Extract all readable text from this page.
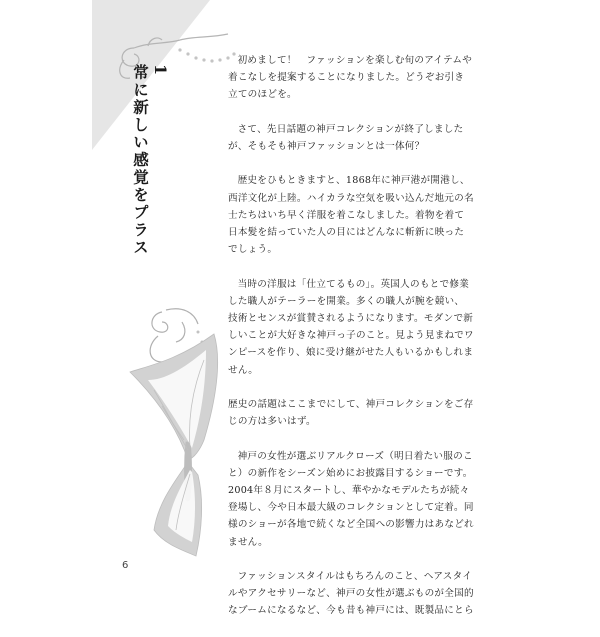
1
常に新しい感覚をプラス

初めまして！　ファッションを楽しむ旬のアイテムや着こなしを提案することになりました。どうぞお引き立てのほどを。

さて、先日話題の神戸コレクションが終了しましたが、そもそも神戸ファッションとは一体何？

歴史をひもときますと、1868年に神戸港が開港し、西洋文化が上陸。ハイカラな空気を吸い込んだ地元の名士たちはいち早く洋服を着こなしました。着物を着て日本髪を結っていた人の目にはどんなに斬新に映ったでしょう。

当時の洋服は「仕立てるもの」。英国人のもとで修業した職人がテーラーを開業。多くの職人が腕を競い、技術とセンスが賞賛されるようになります。モダンで新しいことが大好きな神戸っ子のこと。見よう見まねでワンピースを作り、娘に受け継がせた人もいるかもしれません。

歴史の話題はここまでにして、神戸コレクションをご存じの方は多いはず。

神戸の女性が選ぶリアルクローズ（明日着たい服のこと）の新作をシーズン始めにお披露目するショーです。2004年８月にスタートし、華やかなモデルたちが続々登場し、今や日本最大級のコレクションとして定着。同様のショーが各地で続くなど全国への影響力はあなどれません。

ファッションスタイルはもちろんのこと、ヘアスタイルやアクセサリーなど、神戸の女性が選ぶものが全国的なブームになるなど、今も昔も神戸には、既製品にとら

6
